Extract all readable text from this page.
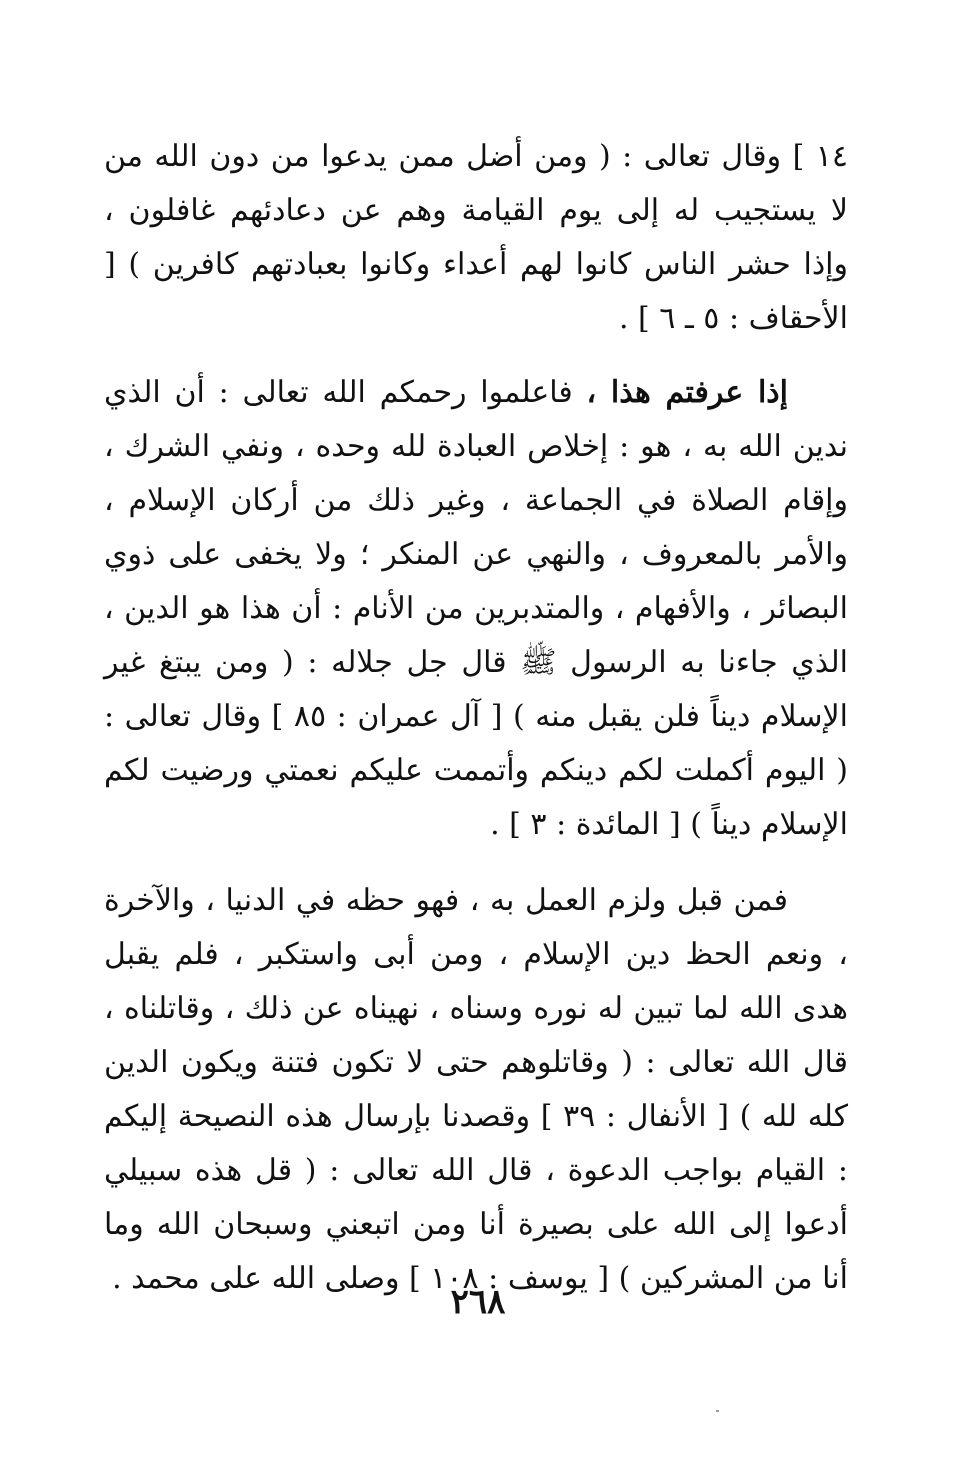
١٤ ] وقال تعالى : ( ومن أضل ممن يدعوا من دون الله من لا يستجيب له إلى يوم القيامة وهم عن دعادئهم غافلون ، وإذا حشر الناس كانوا لهم أعداء وكانوا بعبادتهم كافرين ) [ الأحقاف : ٥ ـ ٦ ] .

إذا عرفتم هذا ، فاعلموا رحمكم الله تعالى : أن الذي ندين الله به ، هو : إخلاص العبادة لله وحده ، ونفي الشرك ، وإقام الصلاة في الجماعة ، وغير ذلك من أركان الإسلام ، والأمر بالمعروف ، والنهي عن المنكر ؛ ولا يخفى على ذوي البصائر ، والأفهام ، والمتدبرين من الأنام : أن هذا هو الدين ، الذي جاءنا به الرسول ﷺ قال جل جلاله : ( ومن يبتغ غير الإسلام ديناً فلن يقبل منه ) [ آل عمران : ٨٥ ] وقال تعالى : ( اليوم أكملت لكم دينكم وأتممت عليكم نعمتي ورضيت لكم الإسلام ديناً ) [ المائدة : ٣ ] .

فمن قبل ولزم العمل به ، فهو حظه في الدنيا ، والآخرة ، ونعم الحظ دين الإسلام ، ومن أبى واستكبر ، فلم يقبل هدى الله لما تبين له نوره وسناه ، نهيناه عن ذلك ، وقاتلناه ، قال الله تعالى : ( وقاتلوهم حتى لا تكون فتنة ويكون الدين كله لله ) [ الأنفال : ٣٩ ] وقصدنا بإرسال هذه النصيحة إليكم : القيام بواجب الدعوة ، قال الله تعالى : ( قل هذه سبيلي أدعوا إلى الله على بصيرة أنا ومن اتبعني وسبحان الله وما أنا من المشركين ) [ يوسف : ١٠٨ ] وصلى الله على محمد .

٢٦٨
